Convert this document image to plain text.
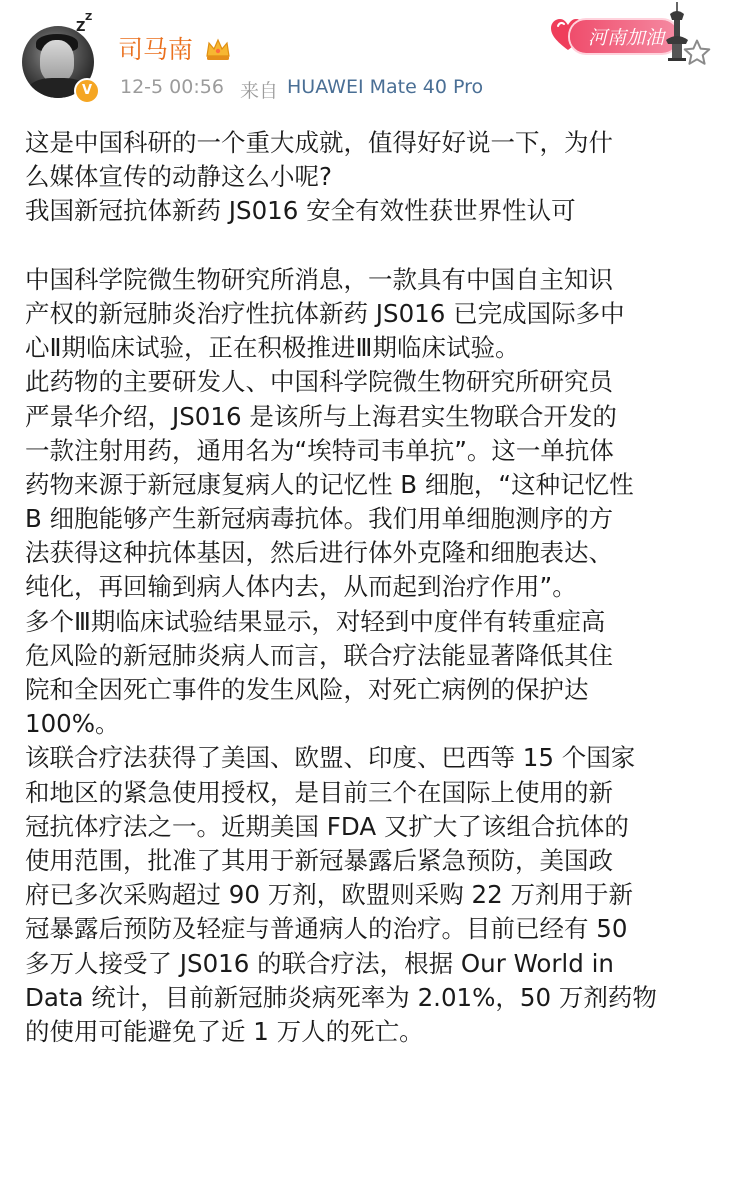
V
Z
Z
司马南
12-5 00:56 来自 HUAWEI Mate 40 Pro
河南加油
这是中国科研的一个重大成就，值得好好说一下，为什
么媒体宣传的动静这么小呢?
我国新冠抗体新药 JS016 安全有效性获世界性认可
中国科学院微生物研究所消息，一款具有中国自主知识
产权的新冠肺炎治疗性抗体新药 JS016 已完成国际多中
心Ⅱ期临床试验，正在积极推进Ⅲ期临床试验。
此药物的主要研发人、中国科学院微生物研究所研究员
严景华介绍，JS016 是该所与上海君实生物联合开发的
一款注射用药，通用名为“埃特司韦单抗”。这一单抗体
药物来源于新冠康复病人的记忆性 B 细胞，“这种记忆性
B 细胞能够产生新冠病毒抗体。我们用单细胞测序的方
法获得这种抗体基因，然后进行体外克隆和细胞表达、
纯化，再回输到病人体内去，从而起到治疗作用”。
多个Ⅲ期临床试验结果显示，对轻到中度伴有转重症高
危风险的新冠肺炎病人而言，联合疗法能显著降低其住
院和全因死亡事件的发生风险，对死亡病例的保护达
100%。
该联合疗法获得了美国、欧盟、印度、巴西等 15 个国家
和地区的紧急使用授权，是目前三个在国际上使用的新
冠抗体疗法之一。近期美国 FDA 又扩大了该组合抗体的
使用范围，批准了其用于新冠暴露后紧急预防，美国政
府已多次采购超过 90 万剂，欧盟则采购 22 万剂用于新
冠暴露后预防及轻症与普通病人的治疗。目前已经有 50
多万人接受了 JS016 的联合疗法，根据 Our World in
Data 统计，目前新冠肺炎病死率为 2.01%，50 万剂药物
的使用可能避免了近 1 万人的死亡。
